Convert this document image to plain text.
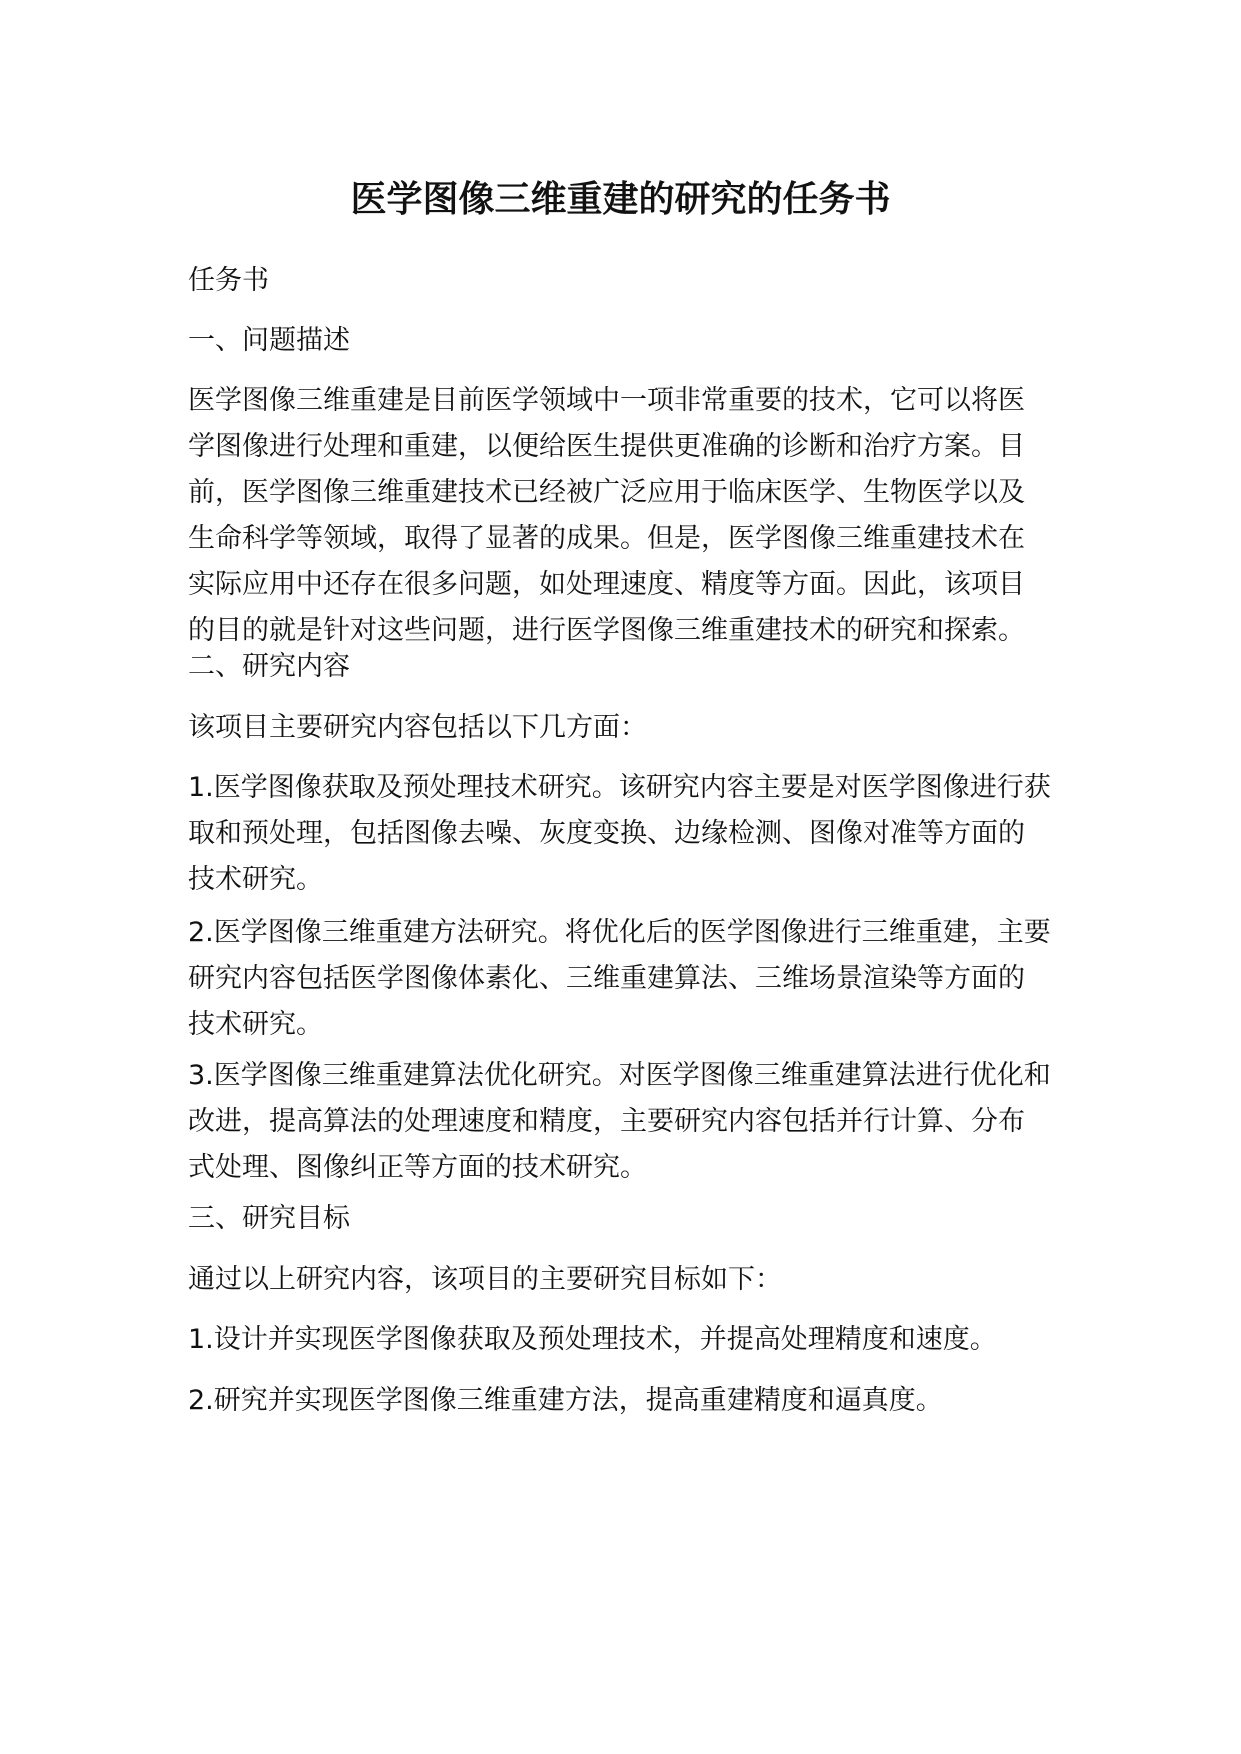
医学图像三维重建的研究的任务书
任务书
一、问题描述
医学图像三维重建是目前医学领域中一项非常重要的技术，它可以将医
学图像进行处理和重建，以便给医生提供更准确的诊断和治疗方案。目
前，医学图像三维重建技术已经被广泛应用于临床医学、生物医学以及
生命科学等领域，取得了显著的成果。但是，医学图像三维重建技术在
实际应用中还存在很多问题，如处理速度、精度等方面。因此，该项目
的目的就是针对这些问题，进行医学图像三维重建技术的研究和探索。
二、研究内容
该项目主要研究内容包括以下几方面：
1.医学图像获取及预处理技术研究。该研究内容主要是对医学图像进行获
取和预处理，包括图像去噪、灰度变换、边缘检测、图像对准等方面的
技术研究。
2.医学图像三维重建方法研究。将优化后的医学图像进行三维重建，主要
研究内容包括医学图像体素化、三维重建算法、三维场景渲染等方面的
技术研究。
3.医学图像三维重建算法优化研究。对医学图像三维重建算法进行优化和
改进，提高算法的处理速度和精度，主要研究内容包括并行计算、分布
式处理、图像纠正等方面的技术研究。
三、研究目标
通过以上研究内容，该项目的主要研究目标如下：
1.设计并实现医学图像获取及预处理技术，并提高处理精度和速度。
2.研究并实现医学图像三维重建方法，提高重建精度和逼真度。
